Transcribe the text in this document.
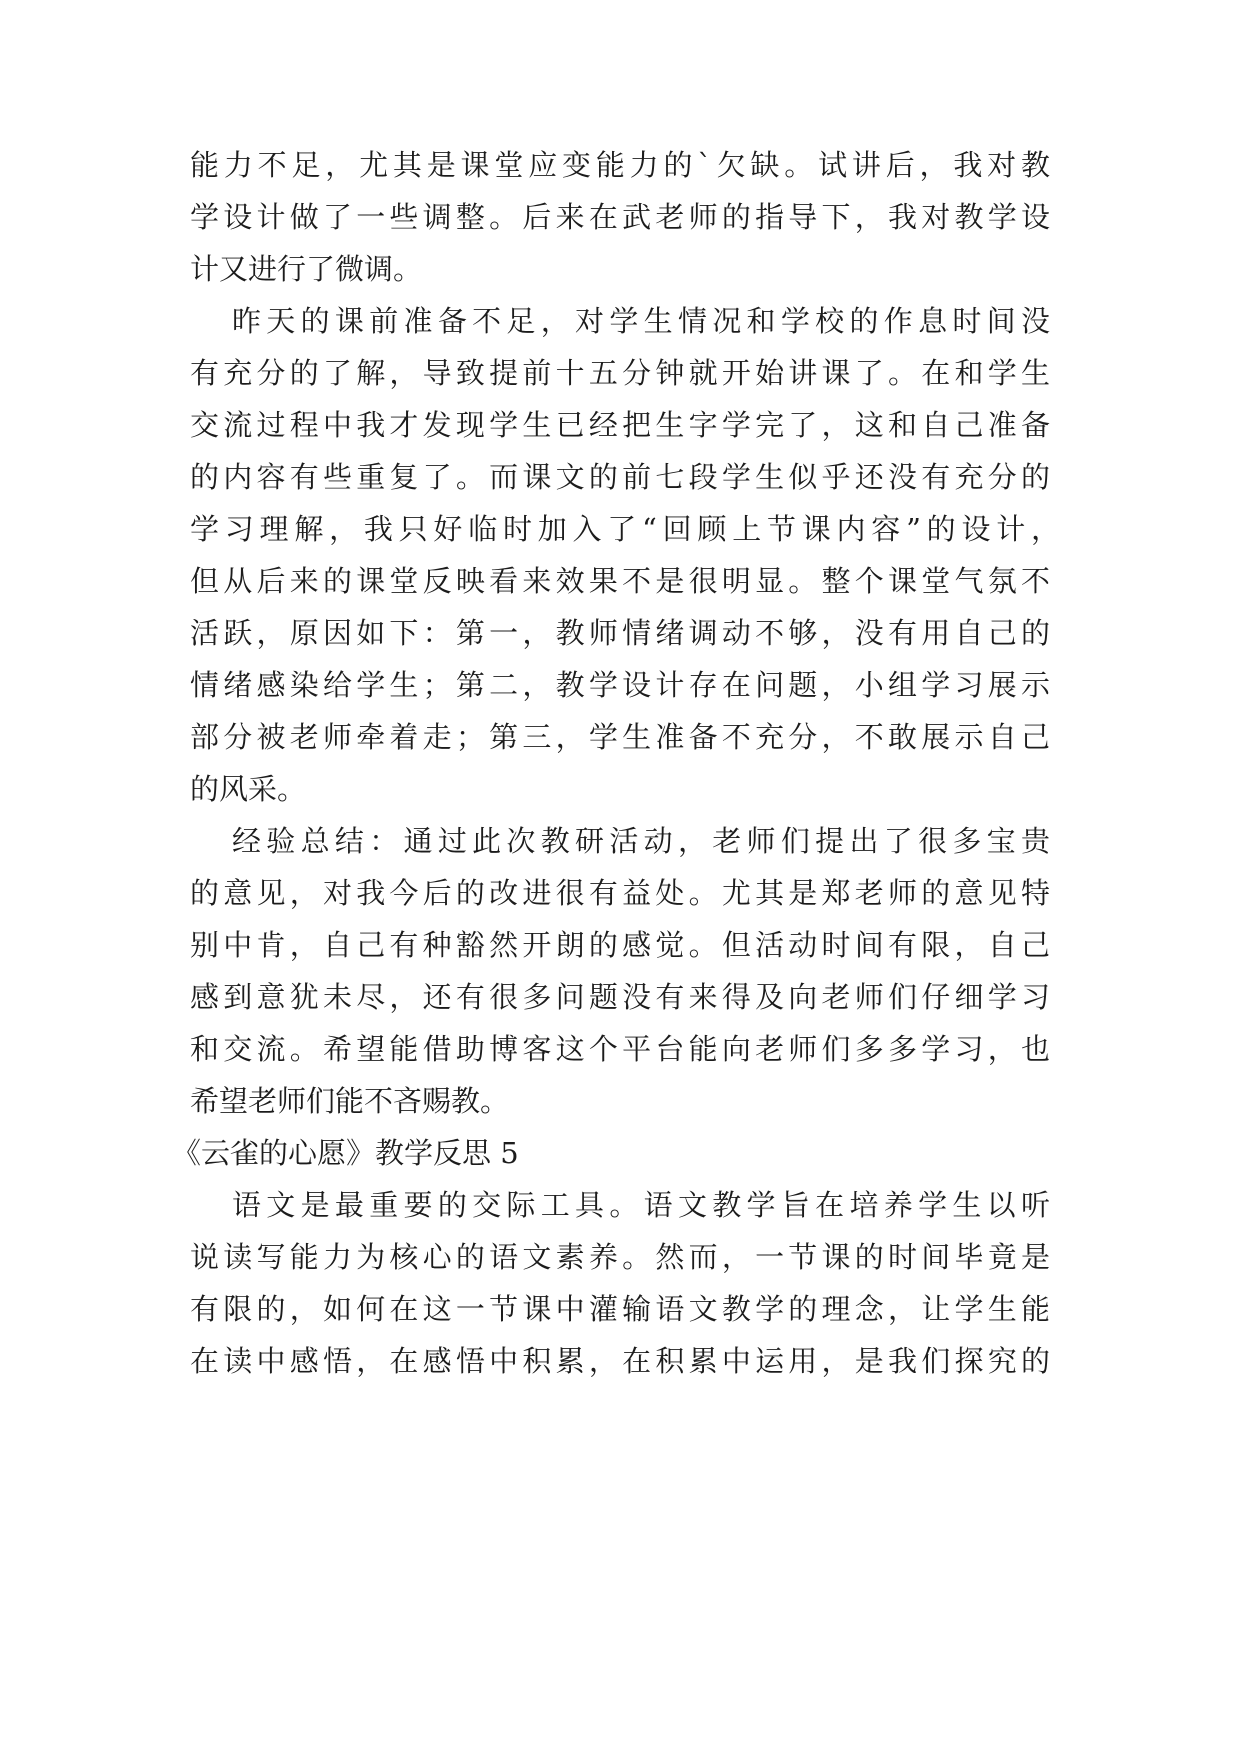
能力不足，尤其是课堂应变能力的`欠缺。试讲后，我对教
学设计做了一些调整。后来在武老师的指导下，我对教学设
计又进行了微调。
昨天的课前准备不足，对学生情况和学校的作息时间没
有充分的了解，导致提前十五分钟就开始讲课了。在和学生
交流过程中我才发现学生已经把生字学完了，这和自己准备
的内容有些重复了。而课文的前七段学生似乎还没有充分的
学习理解，我只好临时加入了“回顾上节课内容”的设计，
但从后来的课堂反映看来效果不是很明显。整个课堂气氛不
活跃，原因如下：第一，教师情绪调动不够，没有用自己的
情绪感染给学生；第二，教学设计存在问题，小组学习展示
部分被老师牵着走；第三，学生准备不充分，不敢展示自己
的风采。
经验总结：通过此次教研活动，老师们提出了很多宝贵
的意见，对我今后的改进很有益处。尤其是郑老师的意见特
别中肯，自己有种豁然开朗的感觉。但活动时间有限，自己
感到意犹未尽，还有很多问题没有来得及向老师们仔细学习
和交流。希望能借助博客这个平台能向老师们多多学习，也
希望老师们能不吝赐教。
《云雀的心愿》教学反思 5
语文是最重要的交际工具。语文教学旨在培养学生以听
说读写能力为核心的语文素养。然而，一节课的时间毕竟是
有限的，如何在这一节课中灌输语文教学的理念，让学生能
在读中感悟，在感悟中积累，在积累中运用，是我们探究的
